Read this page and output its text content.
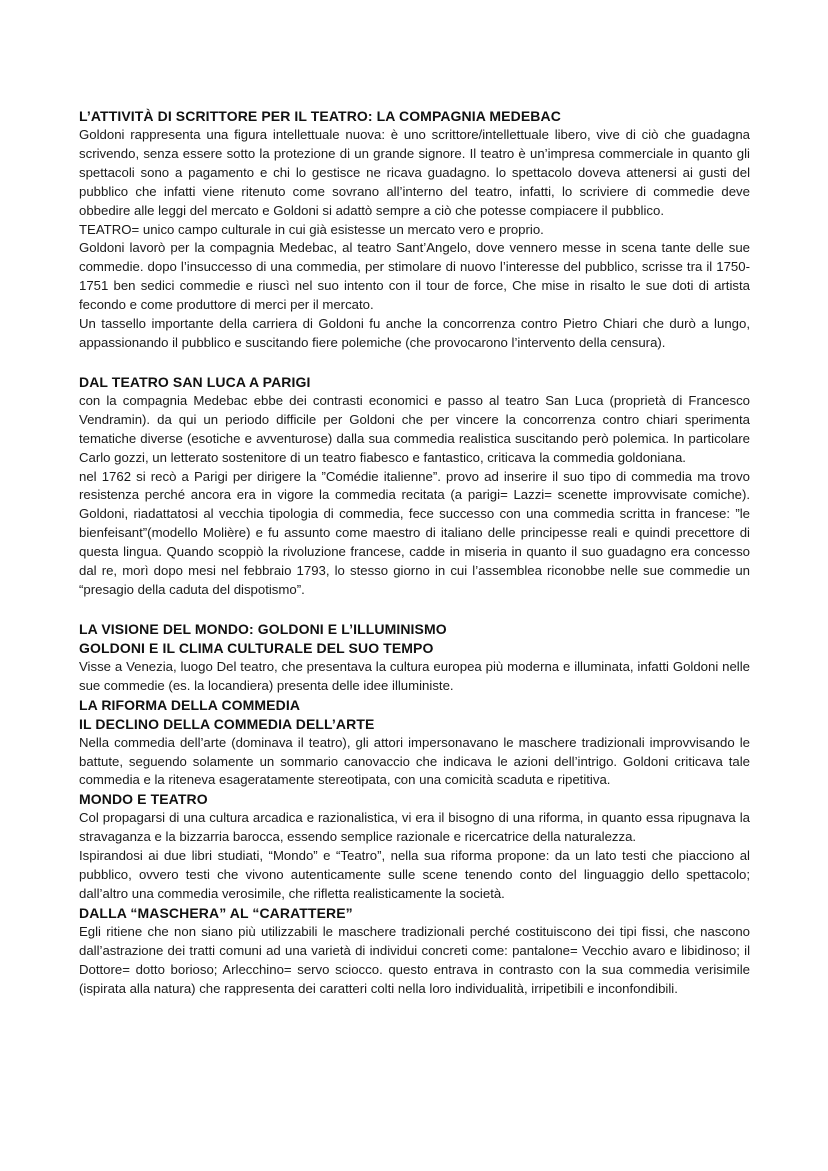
L’ATTIVITÀ DI SCRITTORE PER IL TEATRO: LA COMPAGNIA MEDEBAC

Goldoni rappresenta una figura intellettuale nuova: è uno scrittore/intellettuale libero, vive di ciò che guadagna scrivendo, senza essere sotto la protezione di un grande signore. Il teatro è un’impresa commerciale in quanto gli spettacoli sono a pagamento e chi lo gestisce ne ricava guadagno. lo spettacolo doveva attenersi ai gusti del pubblico che infatti viene ritenuto come sovrano all’interno del teatro, infatti, lo scriviere di commedie deve obbedire alle leggi del mercato e Goldoni si adattò sempre a ciò che potesse compiacere il pubblico.

TEATRO= unico campo culturale in cui già esistesse un mercato vero e proprio.

Goldoni lavorò per la compagnia Medebac, al teatro Sant’Angelo, dove vennero messe in scena tante delle sue commedie. dopo l’insuccesso di una commedia, per stimolare di nuovo l’interesse del pubblico, scrisse tra il 1750- 1751 ben sedici commedie e riuscì nel suo intento con il tour de force, Che mise in risalto le sue doti di artista fecondo e come produttore di merci per il mercato.

Un tassello importante della carriera di Goldoni fu anche la concorrenza contro Pietro Chiari che durò a lungo, appassionando il pubblico e suscitando fiere polemiche (che provocarono l’intervento della censura).

DAL TEATRO SAN LUCA A PARIGI

con la compagnia Medebac ebbe dei contrasti economici e passo al teatro San Luca (proprietà di Francesco Vendramin). da qui un periodo difficile per Goldoni che per vincere la concorrenza contro chiari sperimenta tematiche diverse (esotiche e avventurose) dalla sua commedia realistica suscitando però polemica. In particolare Carlo gozzi, un letterato sostenitore di un teatro fiabesco e fantastico, criticava la commedia goldoniana.

nel 1762 si recò a Parigi per dirigere la ”Comédie italienne”. provo ad inserire il suo tipo di commedia ma trovo resistenza perché ancora era in vigore la commedia recitata (a parigi= Lazzi= scenette improvvisate comiche). Goldoni, riadattatosi al vecchia tipologia di commedia, fece successo con una commedia scritta in francese: ”le bienfeisant”(modello Molière) e fu assunto come maestro di italiano delle principesse reali e quindi precettore di questa lingua. Quando scoppiò la rivoluzione francese, cadde in miseria in quanto il suo guadagno era concesso dal re, morì dopo mesi nel febbraio 1793, lo stesso giorno in cui l’assemblea riconobbe nelle sue commedie un “presagio della caduta del dispotismo”.

LA VISIONE DEL MONDO: GOLDONI E L’ILLUMINISMO
GOLDONI E IL CLIMA CULTURALE DEL SUO TEMPO

Visse a Venezia, luogo Del teatro, che presentava la cultura europea più moderna e illuminata, infatti Goldoni nelle sue commedie (es. la locandiera) presenta delle idee illuministe.

LA RIFORMA DELLA COMMEDIA
IL DECLINO DELLA COMMEDIA DELL’ARTE

Nella commedia dell’arte (dominava il teatro), gli attori impersonavano le maschere tradizionali improvvisando le battute, seguendo solamente un sommario canovaccio che indicava le azioni dell’intrigo. Goldoni criticava tale commedia e la riteneva esageratamente stereotipata, con una comicità scaduta e ripetitiva.

MONDO E TEATRO

Col propagarsi di una cultura arcadica e razionalistica, vi era il bisogno di una riforma, in quanto essa ripugnava la stravaganza e la bizzarria barocca, essendo semplice razionale e ricercatrice della naturalezza.

Ispirandosi ai due libri studiati, “Mondo” e “Teatro”, nella sua riforma propone: da un lato testi che piacciono al pubblico, ovvero testi che vivono autenticamente sulle scene tenendo conto del linguaggio dello spettacolo; dall’altro una commedia verosimile, che rifletta realisticamente la società.

DALLA “MASCHERA” AL “CARATTERE”

Egli ritiene che non siano più utilizzabili le maschere tradizionali perché costituiscono dei tipi fissi, che nascono dall’astrazione dei tratti comuni ad una varietà di individui concreti come: pantalone= Vecchio avaro e libidinoso; il Dottore= dotto borioso; Arlecchino= servo sciocco. questo entrava in contrasto con la sua commedia verisimile (ispirata alla natura) che rappresenta dei caratteri colti nella loro individualità, irripetibili e inconfondibili.
